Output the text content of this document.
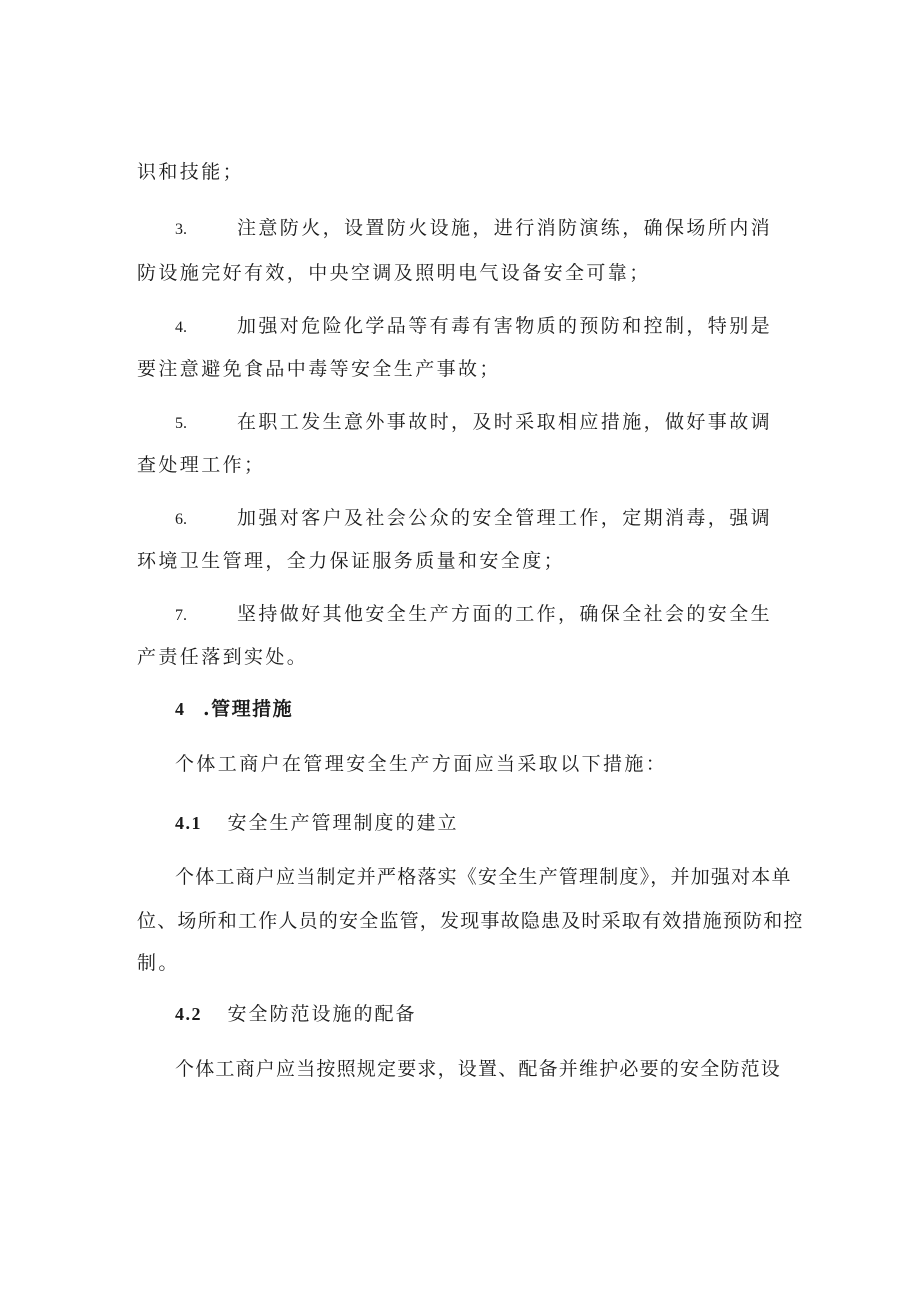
识和技能；
3.	注意防火，设置防火设施，进行消防演练，确保场所内消
防设施完好有效，中央空调及照明电气设备安全可靠；
4.	加强对危险化学品等有毒有害物质的预防和控制，特别是
要注意避免食品中毒等安全生产事故；
5.	在职工发生意外事故时，及时采取相应措施，做好事故调
查处理工作；
6.	加强对客户及社会公众的安全管理工作，定期消毒，强调
环境卫生管理，全力保证服务质量和安全度；
7.	坚持做好其他安全生产方面的工作，确保全社会的安全生
产责任落到实处。
4 .管理措施
个体工商户在管理安全生产方面应当采取以下措施：
4.1 安全生产管理制度的建立
个体工商户应当制定并严格落实《安全生产管理制度》，并加强对本单
位、场所和工作人员的安全监管，发现事故隐患及时采取有效措施预防和控
制。
4.2 安全防范设施的配备
个体工商户应当按照规定要求，设置、配备并维护必要的安全防范设
